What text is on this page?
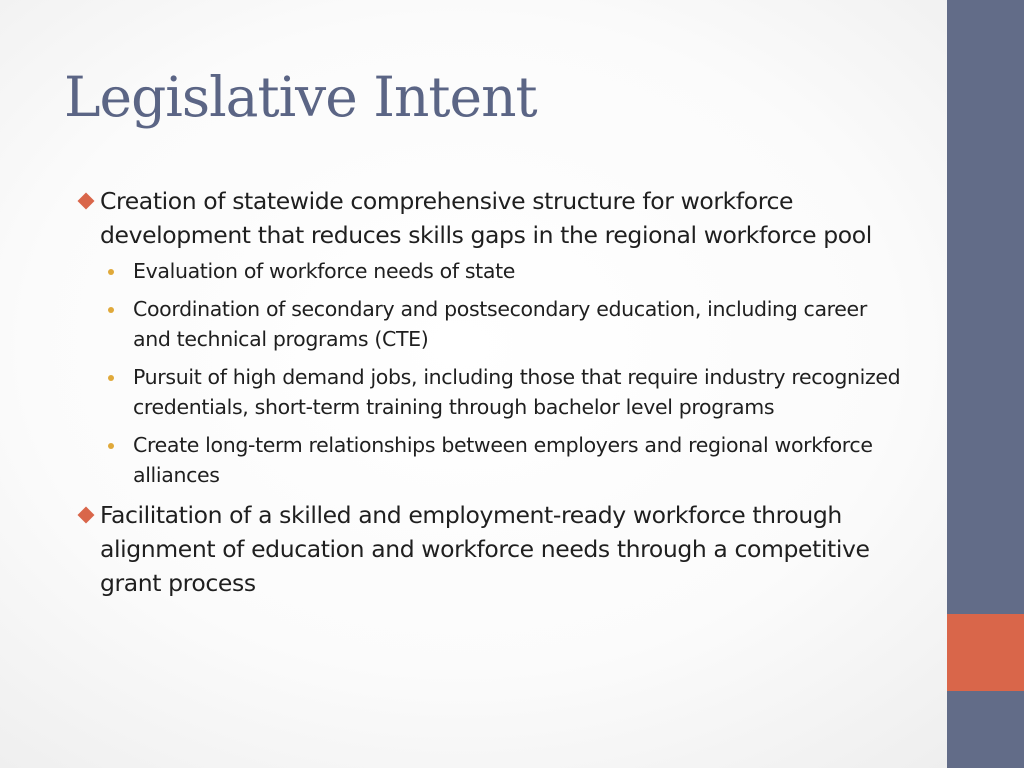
Legislative Intent
Creation of statewide comprehensive structure for workforce development that reduces skills gaps in the regional workforce pool
Evaluation of workforce needs of state
Coordination of secondary and postsecondary education, including career and technical programs (CTE)
Pursuit of high demand jobs, including those that require industry recognized credentials, short-term training through bachelor level programs
Create long-term relationships between employers and regional workforce alliances
Facilitation of a skilled and employment-ready workforce through alignment of education and workforce needs through a competitive grant process
